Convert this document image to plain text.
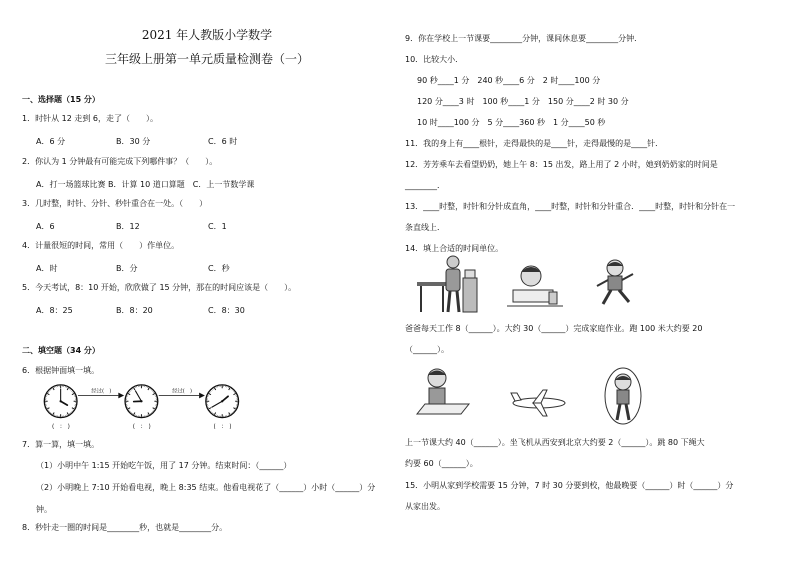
2021 年人教版小学数学
三年级上册第一单元质量检测卷（一）
一、选择题（15 分）
1．时针从 12 走到 6，走了（　　）。
A．6 分	B．30 分	C．6 时
2．你认为 1 分钟最有可能完成下列哪件事？（　　）。
A．打一场篮球比赛 B．计算 10 道口算题　C．上一节数学课
3．几时整，时针、分针、秒针重合在一处。（　　）
A．6	B．12	C．1
4．计量很短的时间，常用（　　）作单位。
A．时	B．分	C．秒
5．今天考试，8：10 开始，欣欣做了 15 分钟，那在的时间应该是（　　）。
A．8：25	B．8：20	C．8：30
二、填空题（34 分）
6．根据钟面填一填。
经过(　)	经过(　)
(　:　)	(　:　)	(　:　)
7．算一算，填一填。
（1）小明中午 1:15 开始吃午饭，用了 17 分钟。结束时间：（______）
（2）小明晚上 7:10 开始看电视，晚上 8:35 结束。他看电视花了（______）小时（______）分
钟。
8．秒针走一圈的时间是________秒，也就是________分。
9．你在学校上一节课要________分钟，课间休息要________分钟．
10．比较大小．
90 秒____1 分　240 秒____6 分　2 时____100 分
120 分____3 时　100 秒____1 分　150 分____2 时 30 分
10 时____100 分　5 分____360 秒　1 分____50 秒
11．我的身上有____根针，走得最快的是____针，走得最慢的是____针．
12．芳芳乘车去看望奶奶，她上午 8：15 出发，路上用了 2 小时，她到奶奶家的时间是
________．
13．____时整，时针和分针成直角，____时整，时针和分针重合．____时整，时针和分针在一
条直线上．
14．填上合适的时间单位。
爸爸每天工作 8（______）。大约 30（______）完成家庭作业。跑 100 米大约要 20
（______）。
上一节课大约 40（______）。坐飞机从西安到北京大约要 2（______）。跳 80 下绳大
约要 60（______）。
15．小明从家到学校需要 15 分钟，7 时 30 分要到校，他最晚要（______）时（______）分
从家出发。
